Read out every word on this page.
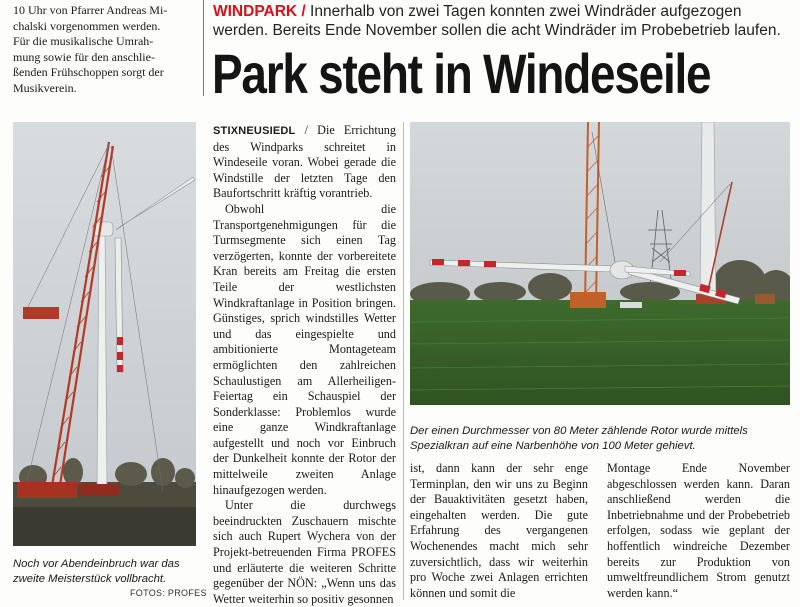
10 Uhr von Pfarrer Andreas Mi-
chalski vorgenommen werden.
Für die musikalische Umrah-
mung sowie für den anschlie-
ßenden Frühschoppen sorgt der
Musikverein.
WINDPARK / Innerhalb von zwei Tagen konnten zwei Windräder aufgezogen werden. Bereits Ende November sollen die acht Windräder im Probebetrieb laufen.
Park steht in Windeseile
Noch vor Abendeinbruch war das zweite Meisterstück vollbracht.
FOTOS: PROFES

STIXNEUSIEDL / Die Errichtung des Windparks schreitet in Windeseile voran. Wobei gerade die Windstille der letzten Tage den Baufortschritt kräftig vorantrieb.

Obwohl die Transportgenehmigungen für die Turmsegmente sich einen Tag verzögerten, konnte der vorbereitete Kran bereits am Freitag die ersten Teile der westlichsten Windkraftanlage in Position bringen. Günstiges, sprich windstilles Wetter und das eingespielte und ambitionierte Montageteam ermöglichten den zahlreichen Schaulustigen am Allerheiligen-Feiertag ein Schauspiel der Sonderklasse: Problemlos wurde eine ganze Windkraftanlage aufgestellt und noch vor Einbruch der Dunkelheit konnte der Rotor der mittelweile zweiten Anlage hinaufgezogen werden.

Unter die durchwegs beeindruckten Zuschauern mischte sich auch Rupert Wychera von der Projekt-betreuenden Firma PROFES und erläuterte die weiteren Schritte gegenüber der NÖN: „Wenn uns das Wetter weiterhin so positiv gesonnen

Der einen Durchmesser von 80 Meter zählende Rotor wurde mittels Spezialkran auf eine Narbenhöhe von 100 Meter gehievt.
ist, dann kann der sehr enge Terminplan, den wir uns zu Beginn der Bauaktivitäten gesetzt haben, eingehalten werden. Die gute Erfahrung des vergangenen Wochenendes macht mich sehr zuversichtlich, dass wir weiterhin pro Woche zwei Anlagen errichten können und somit die
Montage Ende November abgeschlossen werden kann. Daran anschließend werden die Inbetriebnahme und der Probebetrieb erfolgen, sodass wie geplant der hoffentlich windreiche Dezember bereits zur Produktion von umweltfreundlichem Strom genutzt werden kann.“
